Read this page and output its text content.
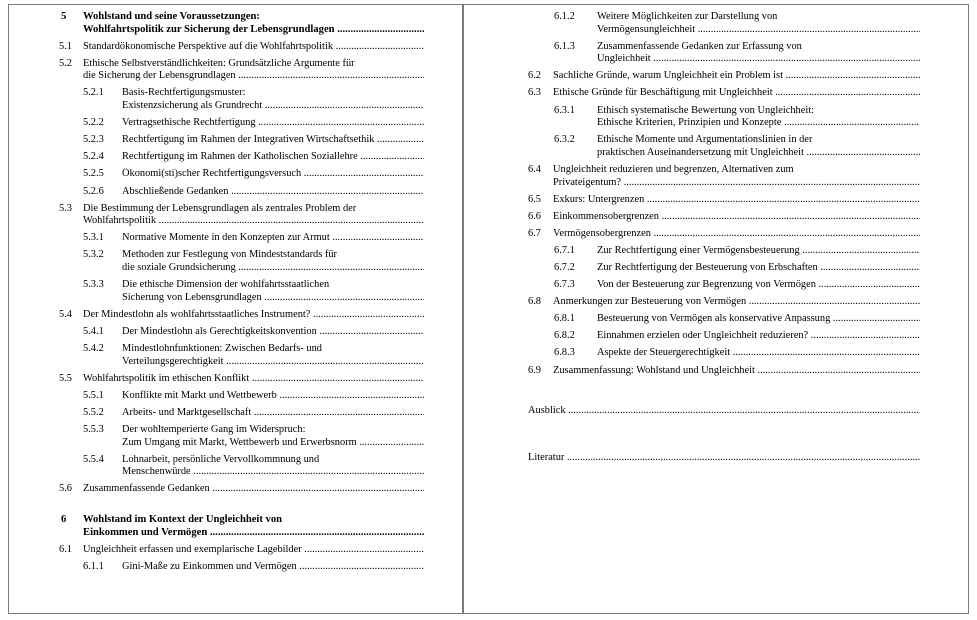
5 Wohlstand und seine Voraussetzungen:
Wohlfahrtspolitik zur Sicherung der Lebensgrundlagen .....
5.1 Standardökonomische Perspektive auf die Wohlfahrtspolitik .....
5.2 Ethische Selbstverständlichkeiten: Grundsätzliche Argumente für
die Sicherung der Lebensgrundlagen .....
5.2.1 Basis-Rechtfertigungsmuster:
Existenzsicherung als Grundrecht .....
5.2.2 Vertragsethische Rechtfertigung .....
5.2.3 Rechtfertigung im Rahmen der Integrativen Wirtschaftsethik .....
5.2.4 Rechtfertigung im Rahmen der Katholischen Soziallehre .....
5.2.5 Ökonomi(sti)scher Rechtfertigungsversuch .....
5.2.6 Abschließende Gedanken .....
5.3 Die Bestimmung der Lebensgrundlagen als zentrales Problem der
Wohlfahrtspolitik .....
5.3.1 Normative Momente in den Konzepten zur Armut .....
5.3.2 Methoden zur Festlegung von Mindeststandards für
die soziale Grundsicherung .....
5.3.3 Die ethische Dimension der wohlfahrtsstaatlichen
Sicherung von Lebensgrundlagen .....
5.4 Der Mindestlohn als wohlfahrtsstaatliches Instrument? .....
5.4.1 Der Mindestlohn als Gerechtigkeitskonvention .....
5.4.2 Mindestlohnfunktionen: Zwischen Bedarfs- und
Verteilungsgerechtigkeit .....
5.5 Wohlfahrtspolitik im ethischen Konflikt .....
5.5.1 Konflikte mit Markt und Wettbewerb .....
5.5.2 Arbeits- und Marktgesellschaft .....
5.5.3 Der wohltemperierte Gang im Widerspruch:
Zum Umgang mit Markt, Wettbewerb und Erwerbsnorm .....
5.5.4 Lohnarbeit, persönliche Vervollkommnung und
Menschenwürde .....
5.6 Zusammenfassende Gedanken .....
6 Wohlstand im Kontext der Ungleichheit von
Einkommen und Vermögen .....
6.1 Ungleichheit erfassen und exemplarische Lagebilder .....
6.1.1 Gini-Maße zu Einkommen und Vermögen .....
6.1.2 Weitere Möglichkeiten zur Darstellung von
Vermögensungleichheit .....
6.1.3 Zusammenfassende Gedanken zur Erfassung von
Ungleichheit .....
6.2 Sachliche Gründe, warum Ungleichheit ein Problem ist .....
6.3 Ethische Gründe für Beschäftigung mit Ungleichheit .....
6.3.1 Ethisch systematische Bewertung von Ungleichheit:
Ethische Kriterien, Prinzipien und Konzepte .....
6.3.2 Ethische Momente und Argumentationslinien in der
praktischen Auseinandersetzung mit Ungleichheit .....
6.4 Ungleichheit reduzieren und begrenzen, Alternativen zum
Privateigentum? .....
6.5 Exkurs: Untergrenzen .....
6.6 Einkommensobergrenzen .....
6.7 Vermögensobergrenzen .....
6.7.1 Zur Rechtfertigung einer Vermögensbesteuerung .....
6.7.2 Zur Rechtfertigung der Besteuerung von Erbschaften .....
6.7.3 Von der Besteuerung zur Begrenzung von Vermögen .....
6.8 Anmerkungen zur Besteuerung von Vermögen .....
6.8.1 Besteuerung von Vermögen als konservative Anpassung .....
6.8.2 Einnahmen erzielen oder Ungleichheit reduzieren? .....
6.8.3 Aspekte der Steuergerechtigkeit .....
6.9 Zusammenfassung: Wohlstand und Ungleichheit .....
Ausblick .....
Literatur .....
